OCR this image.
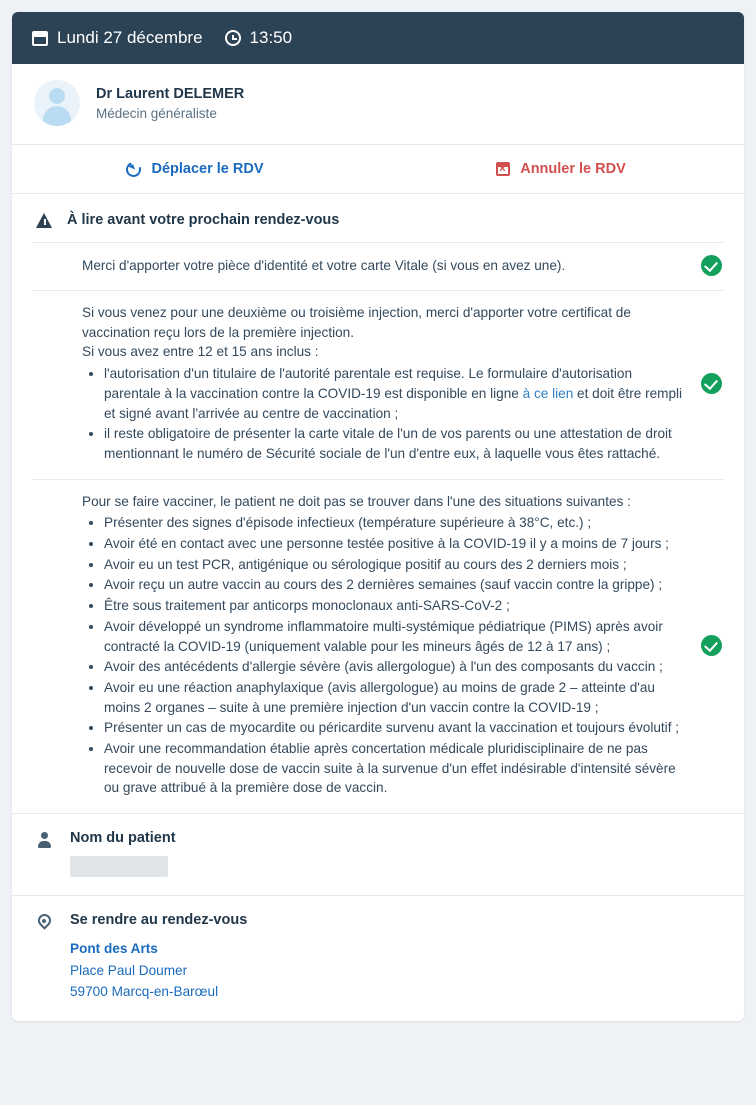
Lundi 27 décembre	13:50
Dr Laurent DELEMER
Médecin généraliste
Déplacer le RDV ×	Annuler le RDV
À lire avant votre prochain rendez-vous

Merci d'apporter votre pièce d'identité et votre carte Vitale (si vous en avez une).

Si vous venez pour une deuxième ou troisième injection, merci d'apporter votre certificat de vaccination reçu lors de la première injection.

Si vous avez entre 12 et 15 ans inclus :

• l'autorisation d'un titulaire de l'autorité parentale est requise. Le formulaire d'autorisation parentale à la vaccination contre la COVID-19 est disponible en ligne à ce lien et doit être rempli et signé avant l'arrivée au centre de vaccination ;
• il reste obligatoire de présenter la carte vitale de l'un de vos parents ou une attestation de droit mentionnant le numéro de Sécurité sociale de l'un d'entre eux, à laquelle vous êtes rattaché.

Pour se faire vacciner, le patient ne doit pas se trouver dans l'une des situations suivantes :

• Présenter des signes d'épisode infectieux (température supérieure à 38°C, etc.) ;
• Avoir été en contact avec une personne testée positive à la COVID-19 il y a moins de 7 jours ;
• Avoir eu un test PCR, antigénique ou sérologique positif au cours des 2 derniers mois ;
• Avoir reçu un autre vaccin au cours des 2 dernières semaines (sauf vaccin contre la grippe) ;
• Être sous traitement par anticorps monoclonaux anti-SARS-CoV-2 ;
• Avoir développé un syndrome inflammatoire multi-systémique pédiatrique (PIMS) après avoir contracté la COVID-19 (uniquement valable pour les mineurs âgés de 12 à 17 ans) ;
• Avoir des antécédents d'allergie sévère (avis allergologue) à l'un des composants du vaccin ;
• Avoir eu une réaction anaphylaxique (avis allergologue) au moins de grade 2 – atteinte d'au moins 2 organes – suite à une première injection d'un vaccin contre la COVID-19 ;
• Présenter un cas de myocardite ou péricardite survenu avant la vaccination et toujours évolutif ;
• Avoir une recommandation établie après concertation médicale pluridisciplinaire de ne pas recevoir de nouvelle dose de vaccin suite à la survenue d'un effet indésirable d'intensité sévère ou grave attribué à la première dose de vaccin.
Nom du patient
Se rendre au rendez-vous
Pont des Arts
Place Paul Doumer
59700 Marcq-en-Barœul
